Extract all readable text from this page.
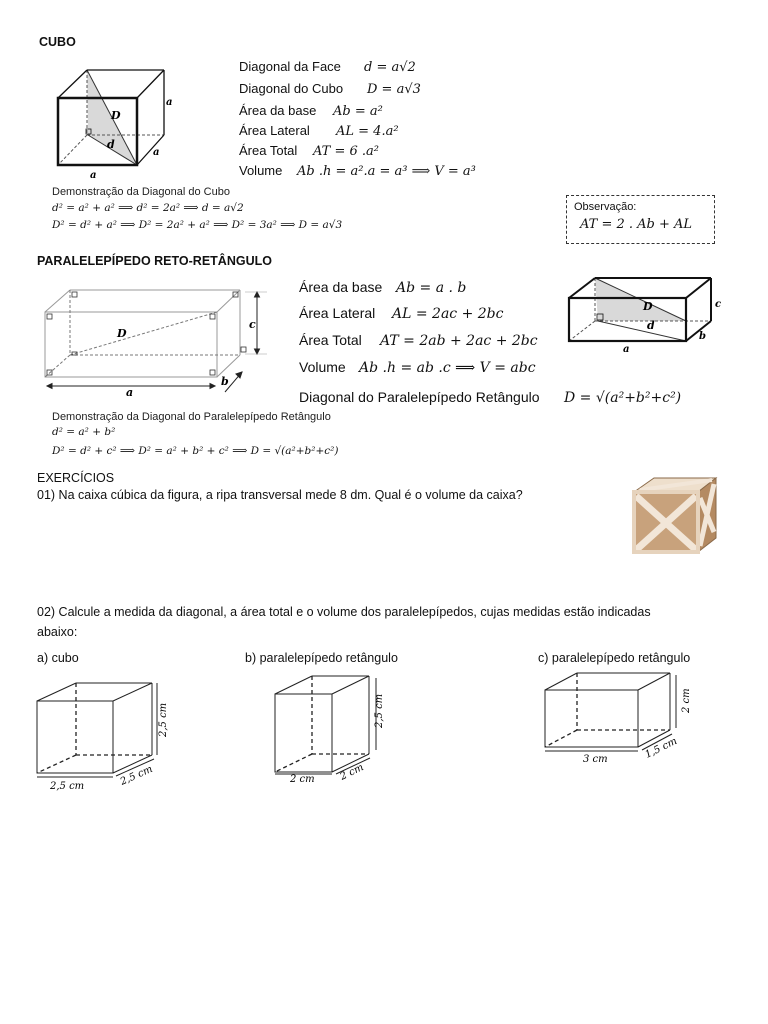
CUBO
D
d
a
a
a
Diagonal da Face	d = a√2
Diagonal do Cubo	D = a√3
Área da base	Ab = a²
Área Lateral	AL = 4.a²
Área Total	AT = 6 .a²
Volume	Ab .h = a².a = a³ ⟹ V = a³
Demonstração da Diagonal do Cubo
d² = a² + a² ⟹ d² = 2a² ⟹ d = a√2
D² = d² + a² ⟹ D² = 2a² + a² ⟹ D² = 3a² ⟹ D = a√3
Observação:
AT = 2 . Ab + AL
PARALELEPÍPEDO RETO-RETÂNGULO
D
a
b
c
Área da base Ab = a . b
Área Lateral	AL = 2ac + 2bc
Área Total	AT = 2ab + 2ac + 2bc
Volume Ab .h = ab .c ⟹ V = abc
Diagonal do Paralelepípedo Retângulo	D = √(a²+b²+c²)
D
d
a
b
c
Demonstração da Diagonal do Paralelepípedo Retângulo
d² = a² + b²
D² = d² + c² ⟹ D² = a² + b² + c² ⟹ D = √(a²+b²+c²)
EXERCÍCIOS
01) Na caixa cúbica da figura, a ripa transversal mede 8 dm. Qual é o volume da caixa?
02) Calcule a medida da diagonal, a área total e o volume dos paralelepípedos, cujas medidas estão indicadas
abaixo:
a) cubo	b) paralelepípedo retângulo	c) paralelepípedo retângulo
2,5 cm	2,5 cm
2,5 cm
2 cm 2 cm
2,5 cm
3 cm	1,5 cm
2 cm
